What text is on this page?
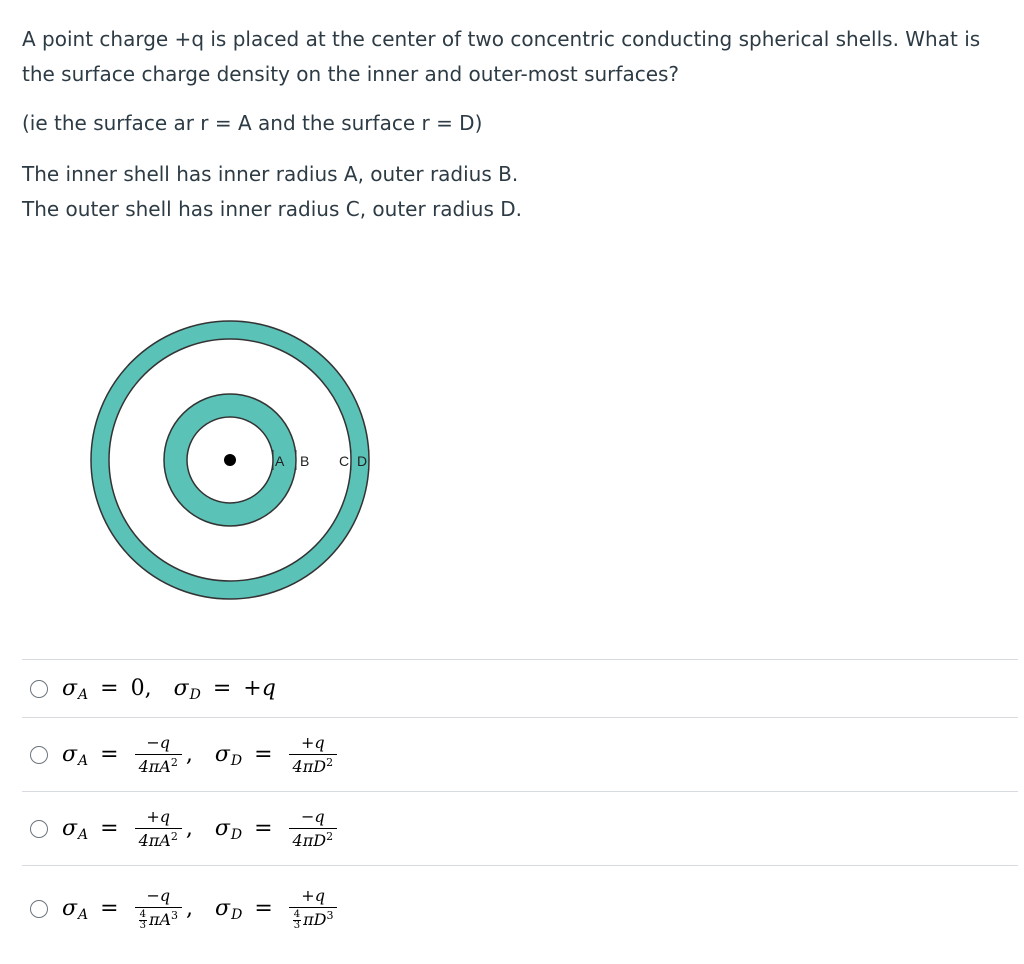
A point charge +q is placed at the center of two concentric conducting spherical shells. What is the surface charge density on the inner and outer-most surfaces?

(ie the surface ar r = A and the surface r = D)

The inner shell has inner radius A, outer radius B.

The outer shell has inner radius C, outer radius D.

A B C D
σ A = 0, σ D = +q
σ $A = \frac{-q}{4\pi A^2}$ , σ $D = \frac{+q}{4\pi D^2}$
σ $A = \frac{+q}{4\pi A^2}$ , σ $D = \frac{-q}{4\pi D^2}$
σ $A = \frac{-q}{\frac{4}{3} \pi A^3}$ , σ $D = \frac{+q}{\frac{4}{3} \pi D^3}$
